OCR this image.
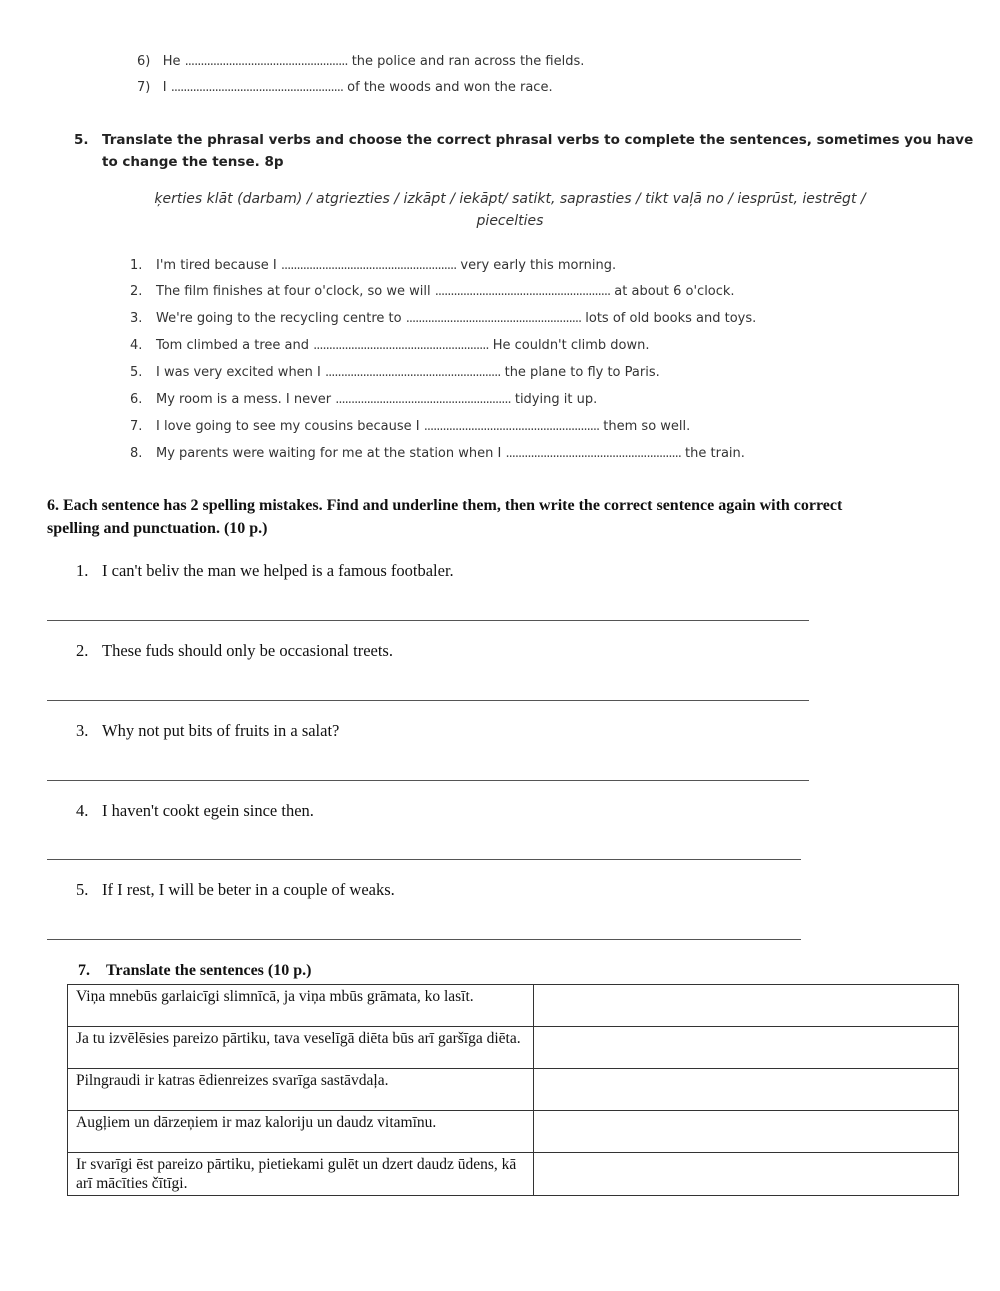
6) He .................................................... the police and ran across the fields.
7) I ....................................................... of the woods and won the race.
5. Translate the phrasal verbs and choose the correct phrasal verbs to complete the sentences, sometimes you have
to change the tense. 8p
ķerties klāt (darbam) / atgriezties / izkāpt / iekāpt/ satikt, saprasties / tikt vaļā no / iesprūst, iestrēgt /
piecelties
1. I'm tired because I ........................................................ very early this morning.
2. The film finishes at four o'clock, so we will ........................................................ at about 6 o'clock.
3. We're going to the recycling centre to ........................................................ lots of old books and toys.
4. Tom climbed a tree and ........................................................ He couldn't climb down.
5. I was very excited when I ........................................................ the plane to fly to Paris.
6. My room is a mess. I never ........................................................ tidying it up.
7. I love going to see my cousins because I ........................................................ them so well.
8. My parents were waiting for me at the station when I ........................................................ the train.
6. Each sentence has 2 spelling mistakes. Find and underline them, then write the correct sentence again with correct
spelling and punctuation. (10 p.)
1. I can't beliv the man we helped is a famous footbaler.
2. These fuds should only be occasional treets.
3. Why not put bits of fruits in a salat?
4. I haven't cookt egein since then.
5. If I rest, I will be beter in a couple of weaks.
7. Translate the sentences (10 p.)
Viņa mnebūs garlaicīgi slimnīcā, ja viņa mbūs grāmata, ko lasīt.	
Ja tu izvēlēsies pareizo pārtiku, tava veselīgā diēta būs arī garšīga diēta.	
Pilngraudi ir katras ēdienreizes svarīga sastāvdaļa.	
Augļiem un dārzeņiem ir maz kaloriju un daudz vitamīnu.	
Ir svarīgi ēst pareizo pārtiku, pietiekami gulēt un dzert daudz ūdens, kā arī mācīties čītīgi.	
